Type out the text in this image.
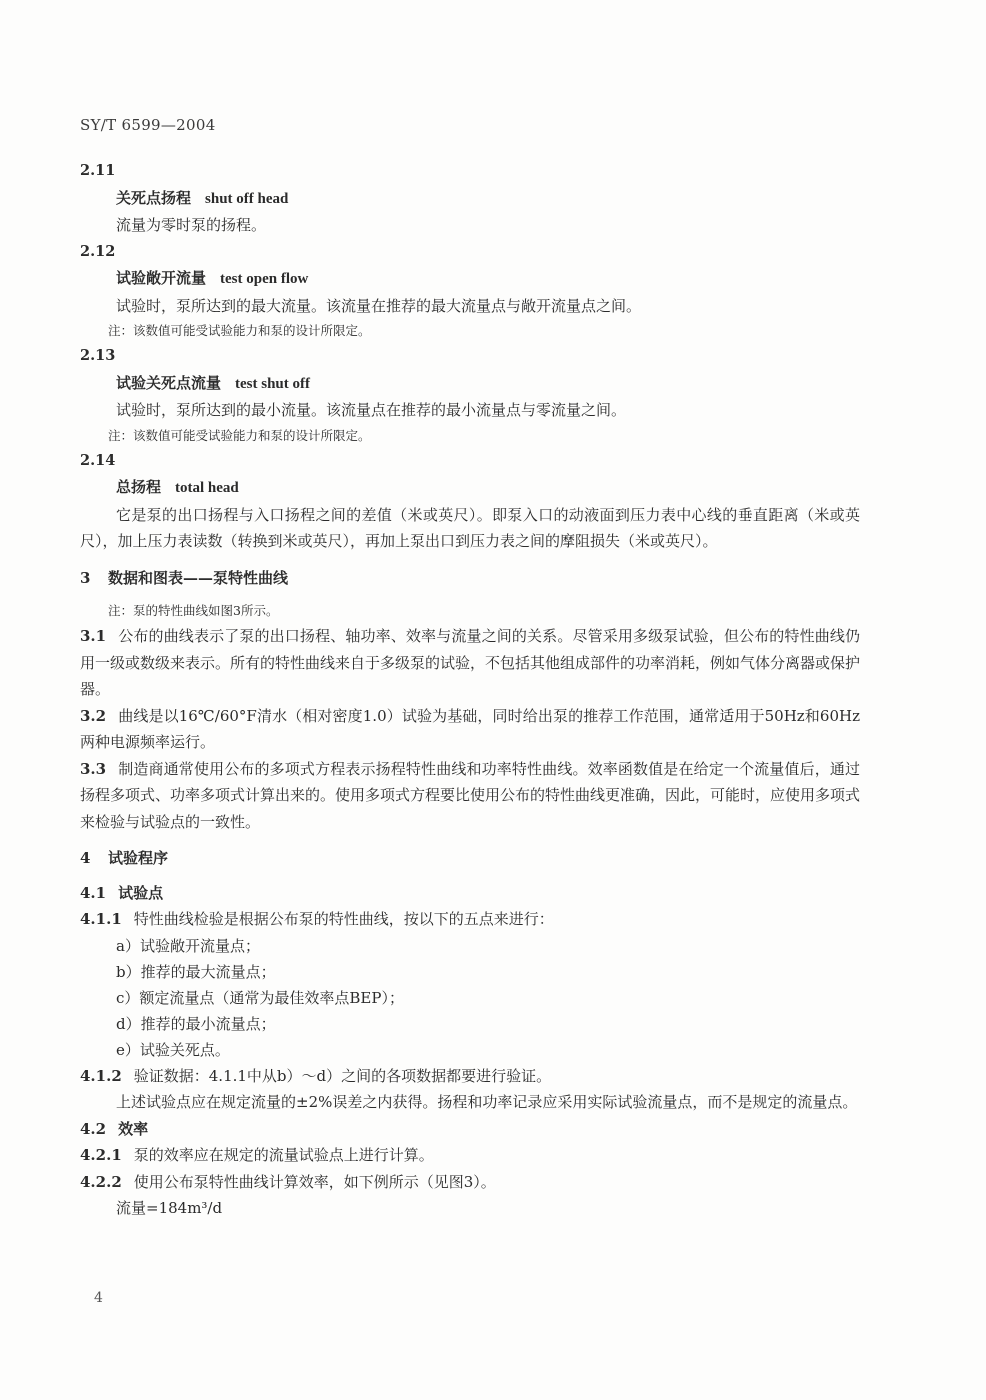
SY/T 6599—2004
2.11
关死点扬程 shut off head
流量为零时泵的扬程。
2.12
试验敞开流量 test open flow
试验时，泵所达到的最大流量。该流量在推荐的最大流量点与敞开流量点之间。
注：该数值可能受试验能力和泵的设计所限定。
2.13
试验关死点流量 test shut off
试验时，泵所达到的最小流量。该流量点在推荐的最小流量点与零流量之间。
注：该数值可能受试验能力和泵的设计所限定。
2.14
总扬程 total head
它是泵的出口扬程与入口扬程之间的差值（米或英尺）。即泵入口的动液面到压力表中心线的垂直距离（米或英尺），加上压力表读数（转换到米或英尺），再加上泵出口到压力表之间的摩阻损失（米或英尺）。
3 数据和图表——泵特性曲线
注：泵的特性曲线如图3所示。
3.1 公布的曲线表示了泵的出口扬程、轴功率、效率与流量之间的关系。尽管采用多级泵试验，但公布的特性曲线仍用一级或数级来表示。所有的特性曲线来自于多级泵的试验，不包括其他组成部件的功率消耗，例如气体分离器或保护器。
3.2 曲线是以16℃/60°F清水（相对密度1.0）试验为基础，同时给出泵的推荐工作范围，通常适用于50Hz和60Hz两种电源频率运行。
3.3 制造商通常使用公布的多项式方程表示扬程特性曲线和功率特性曲线。效率函数值是在给定一个流量值后，通过扬程多项式、功率多项式计算出来的。使用多项式方程要比使用公布的特性曲线更准确，因此，可能时，应使用多项式来检验与试验点的一致性。
4 试验程序
4.1 试验点
4.1.1 特性曲线检验是根据公布泵的特性曲线，按以下的五点来进行：
a）试验敞开流量点；
b）推荐的最大流量点；
c）额定流量点（通常为最佳效率点BEP）；
d）推荐的最小流量点；
e）试验关死点。
4.1.2 验证数据：4.1.1中从b）～d）之间的各项数据都要进行验证。
上述试验点应在规定流量的±2%误差之内获得。扬程和功率记录应采用实际试验流量点，而不是规定的流量点。
4.2 效率
4.2.1 泵的效率应在规定的流量试验点上进行计算。
4.2.2 使用公布泵特性曲线计算效率，如下例所示（见图3）。
流量=184m³/d
4
